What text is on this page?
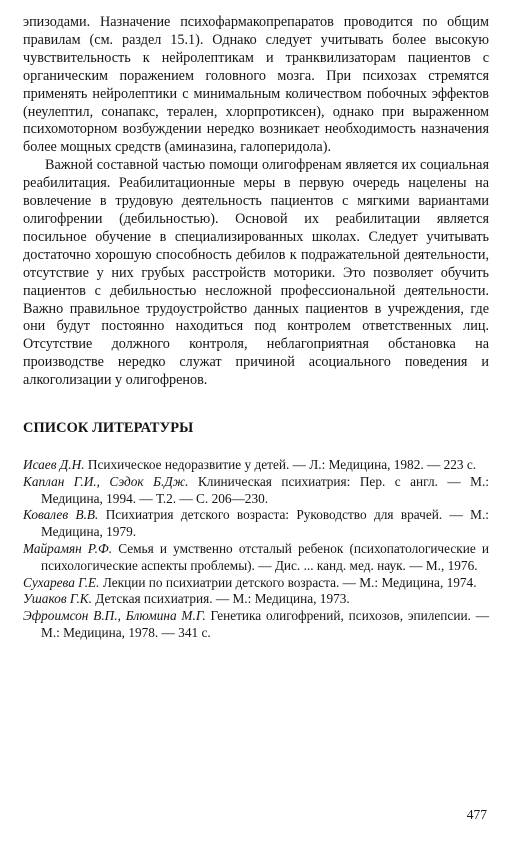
эпизодами. Назначение психофармакопрепаратов проводится по общим правилам (см. раздел 15.1). Однако следует учитывать более высокую чувствительность к нейролептикам и транквилизаторам пациентов с органическим поражением головного мозга. При психозах стремятся применять нейролептики с минимальным количеством побочных эффектов (неулептил, сонапакс, терален, хлорпротиксен), однако при выраженном психомоторном возбуждении нередко возникает необходимость назначения более мощных средств (аминазина, галоперидола).

Важной составной частью помощи олигофренам является их социальная реабилитация. Реабилитационные меры в первую очередь нацелены на вовлечение в трудовую деятельность пациентов с мягкими вариантами олигофрении (дебильностью). Основой их реабилитации является посильное обучение в специализированных школах. Следует учитывать достаточно хорошую способность дебилов к подражательной деятельности, отсутствие у них грубых расстройств моторики. Это позволяет обучить пациентов с дебильностью несложной профессиональной деятельности. Важно правильное трудоустройство данных пациентов в учреждения, где они будут постоянно находиться под контролем ответственных лиц. Отсутствие должного контроля, неблагоприятная обстановка на производстве нередко служат причиной асоциального поведения и алкоголизации у олигофренов.

СПИСОК ЛИТЕРАТУРЫ
Исаев Д.Н. Психическое недоразвитие у детей. — Л.: Медицина, 1982. — 223 с.
Каплан Г.И., Сэдок Б.Дж. Клиническая психиатрия: Пер. с англ. — М.: Медицина, 1994. — Т.2. — С. 206—230.
Ковалев В.В. Психиатрия детского возраста: Руководство для врачей. — М.: Медицина, 1979.
Майрамян Р.Ф. Семья и умственно отсталый ребенок (психопатологические и психологические аспекты проблемы). — Дис. ... канд. мед. наук. — М., 1976.
Сухарева Г.Е. Лекции по психиатрии детского возраста. — М.: Медицина, 1974.
Ушаков Г.К. Детская психиатрия. — М.: Медицина, 1973.
Эфроимсон В.П., Блюмина М.Г. Генетика олигофрений, психозов, эпилепсии. — М.: Медицина, 1978. — 341 с.
477
